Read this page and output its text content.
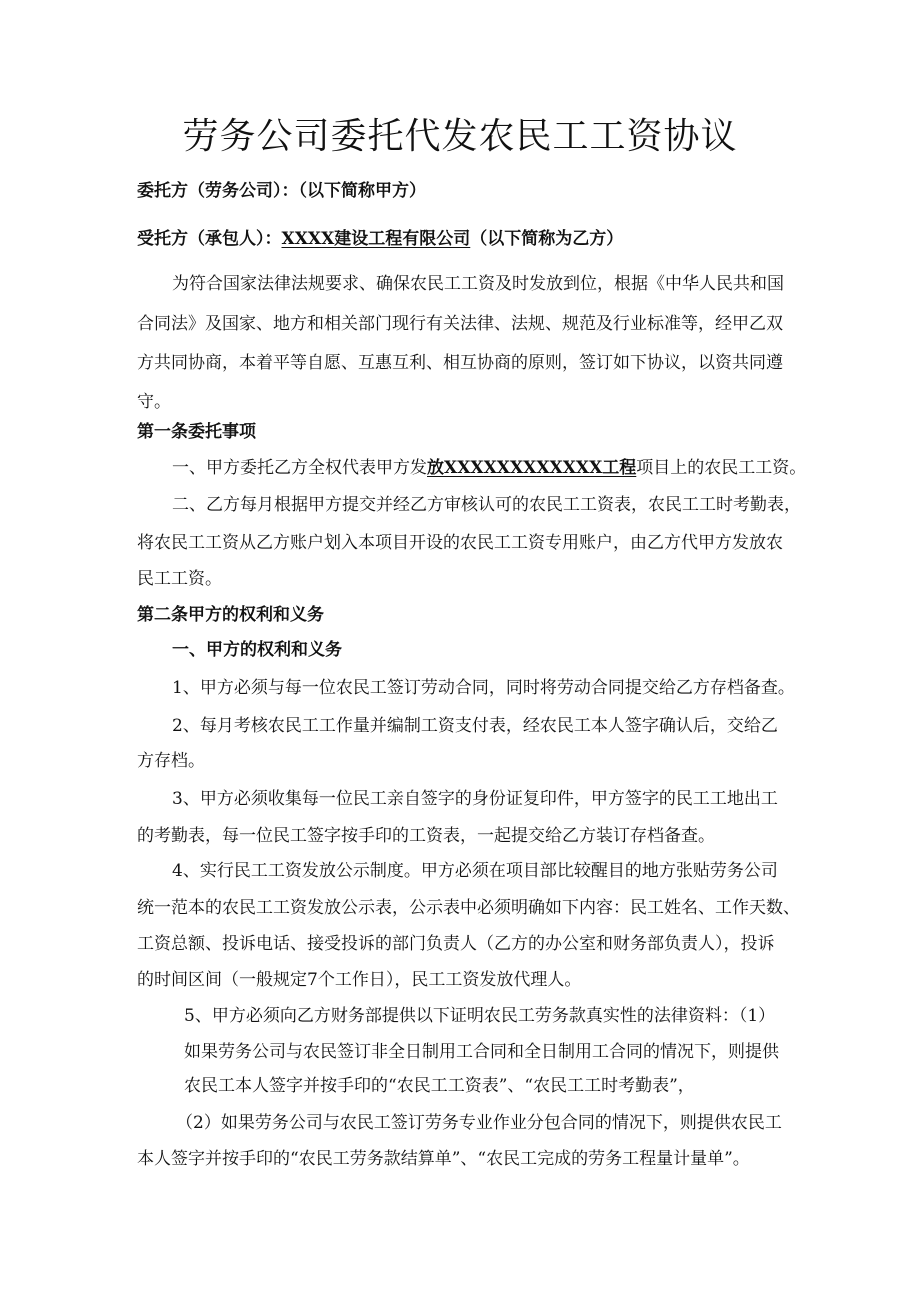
劳务公司委托代发农民工工资协议
委托方（劳务公司）：（以下简称甲方）
受托方（承包人）：XXXX建设工程有限公司（以下简称为乙方）
为符合国家法律法规要求、确保农民工工资及时发放到位，根据《中华人民共和国
合同法》及国家、地方和相关部门现行有关法律、法规、规范及行业标准等，经甲乙双
方共同协商，本着平等自愿、互惠互利、相互协商的原则，签订如下协议，以资共同遵
守。
第一条委托事项
一、甲方委托乙方全权代表甲方发放XXXXXXXXXXXX工程项目上的农民工工资。
二、乙方每月根据甲方提交并经乙方审核认可的农民工工资表，农民工工时考勤表，
将农民工工资从乙方账户划入本项目开设的农民工工资专用账户，由乙方代甲方发放农
民工工资。
第二条甲方的权利和义务
一、甲方的权利和义务
1、甲方必须与每一位农民工签订劳动合同，同时将劳动合同提交给乙方存档备查。
2、每月考核农民工工作量并编制工资支付表，经农民工本人签字确认后，交给乙
方存档。
3、甲方必须收集每一位民工亲自签字的身份证复印件，甲方签字的民工工地出工
的考勤表，每一位民工签字按手印的工资表，一起提交给乙方装订存档备查。
4、实行民工工资发放公示制度。甲方必须在项目部比较醒目的地方张贴劳务公司
统一范本的农民工工资发放公示表，公示表中必须明确如下内容：民工姓名、工作天数、
工资总额、投诉电话、接受投诉的部门负责人（乙方的办公室和财务部负责人），投诉
的时间区间（一般规定7个工作日），民工工资发放代理人。
5、甲方必须向乙方财务部提供以下证明农民工劳务款真实性的法律资料：（1）
如果劳务公司与农民签订非全日制用工合同和全日制用工合同的情况下，则提供
农民工本人签字并按手印的“农民工工资表”、“农民工工时考勤表”，
（2）如果劳务公司与农民工签订劳务专业作业分包合同的情况下，则提供农民工
本人签字并按手印的“农民工劳务款结算单”、“农民工完成的劳务工程量计量单”。
